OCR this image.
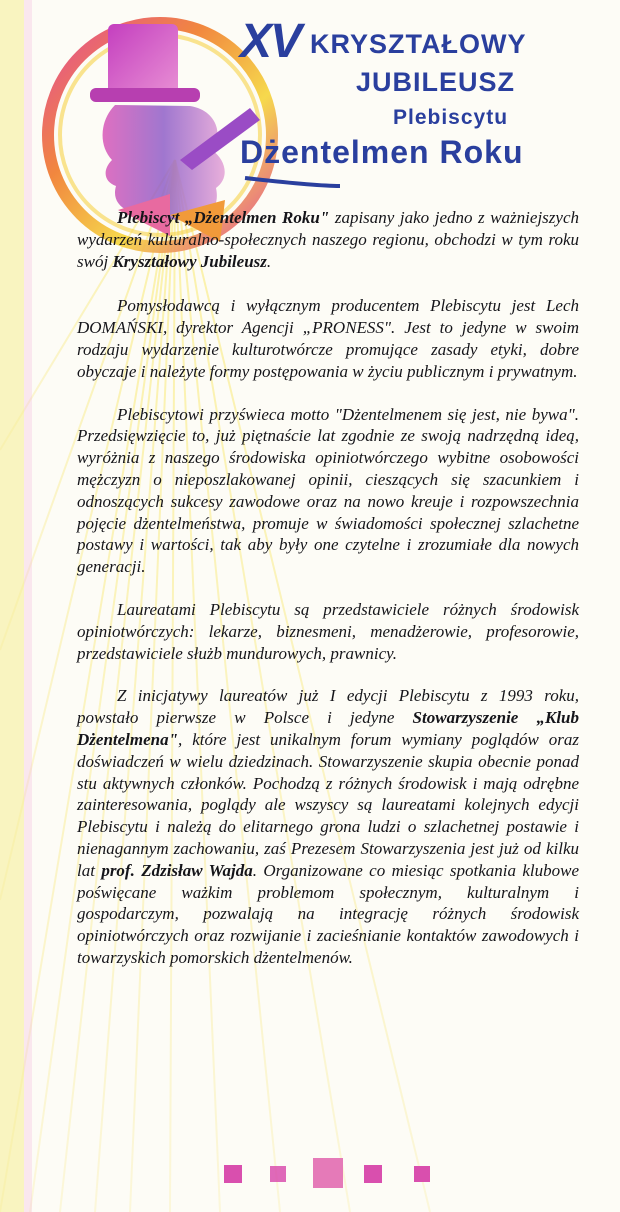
XV KRYSZTAŁOWY
JUBILEUSZ
Plebiscytu
Dżentelmen Roku

Plebiscyt „Dżentelmen Roku" zapisany jako jedno z ważniejszych wydarzeń kulturalno-społecznych naszego regionu, obchodzi w tym roku swój Kryształowy Jubileusz.

Pomysłodawcą i wyłącznym producentem Plebiscytu jest Lech DOMAŃSKI, dyrektor Agencji „PRONESS". Jest to jedyne w swoim rodzaju wydarzenie kulturotwórcze promujące zasady etyki, dobre obyczaje i należyte formy postępowania w życiu publicznym i prywatnym.

Plebiscytowi przyświeca motto "Dżentelmenem się jest, nie bywa". Przedsięwzięcie to, już piętnaście lat zgodnie ze swoją nadrzędną ideą, wyróżnia z naszego środowiska opiniotwórczego wybitne osobowości mężczyzn o nieposzlakowanej opinii, cieszących się szacunkiem i odnoszących sukcesy zawodowe oraz na nowo kreuje i rozpowszechnia pojęcie dżentelmeństwa, promuje w świadomości społecznej szlachetne postawy i wartości, tak aby były one czytelne i zrozumiałe dla nowych generacji.

Laureatami Plebiscytu są przedstawiciele różnych środowisk opiniotwórczych: lekarze, biznesmeni, menadżerowie, profesorowie, przedstawiciele służb mundurowych, prawnicy.

Z inicjatywy laureatów już I edycji Plebiscytu z 1993 roku, powstało pierwsze w Polsce i jedyne Stowarzyszenie „Klub Dżentelmena", które jest unikalnym forum wymiany poglądów oraz doświadczeń w wielu dziedzinach. Stowarzyszenie skupia obecnie ponad stu aktywnych członków. Pochodzą z różnych środowisk i mają odrębne zainteresowania, poglądy ale wszyscy są laureatami kolejnych edycji Plebiscytu i należą do elitarnego grona ludzi o szlachetnej postawie i nienagannym zachowaniu, zaś Prezesem Stowarzyszenia jest już od kilku lat prof. Zdzisław Wajda. Organizowane co miesiąc spotkania klubowe poświęcane ważkim problemom społecznym, kulturalnym i gospodarczym, pozwalają na integrację różnych środowisk opiniotwórczych oraz rozwijanie i zacieśnianie kontaktów zawodowych i towarzyskich pomorskich dżentelmenów.
